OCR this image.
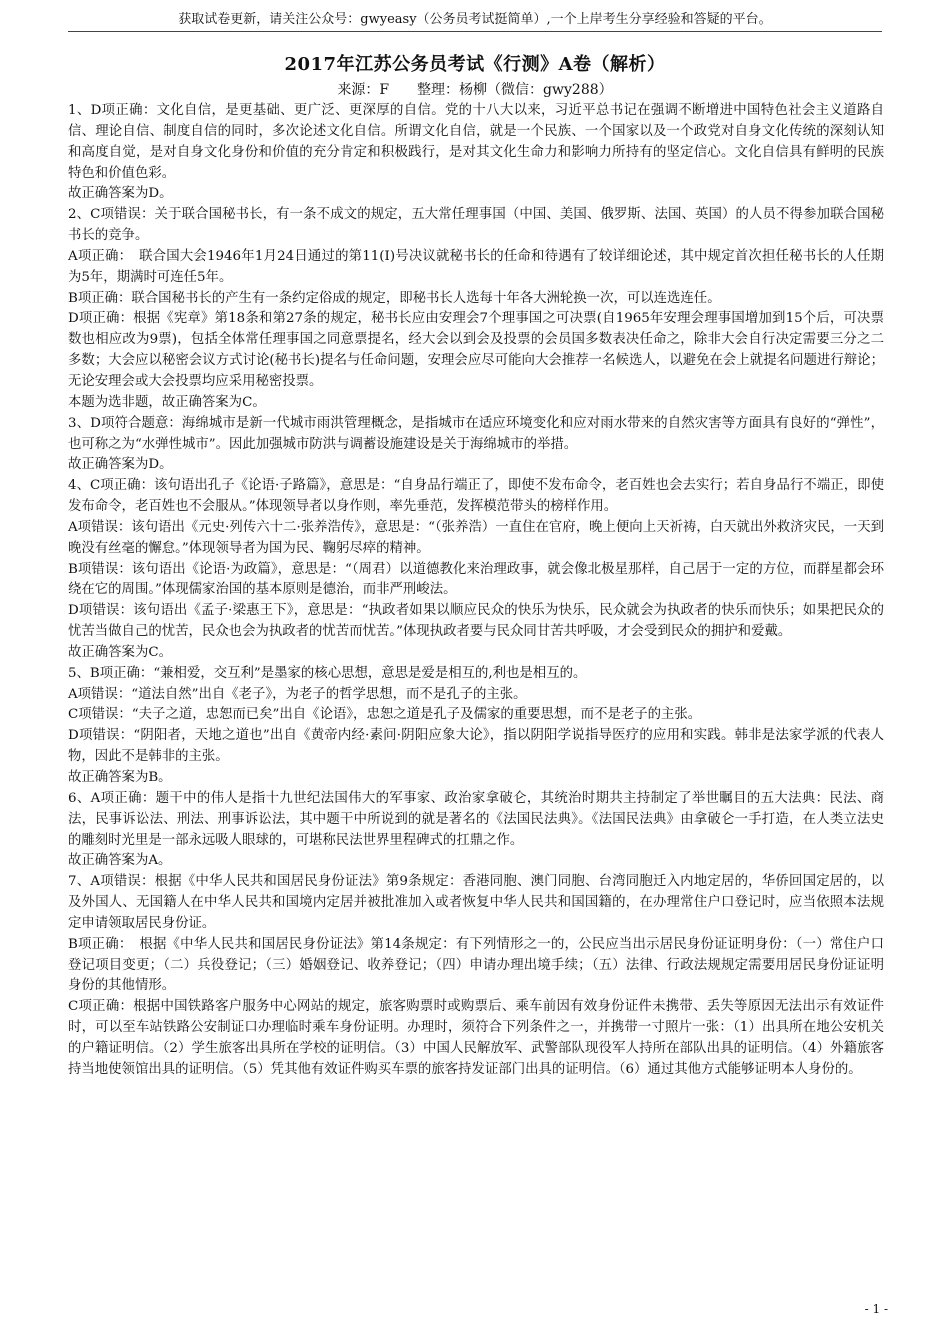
获取试卷更新，请关注公众号：gwyeasy（公务员考试挺简单）,一个上岸考生分享经验和答疑的平台。
2017年江苏公务员考试《行测》A卷（解析）
来源：F　　整理：杨柳（微信：gwy288）

1、D项正确：文化自信，是更基础、更广泛、更深厚的自信。党的十八大以来，习近平总书记在强调不断增进中国特色社会主义道路自信、理论自信、制度自信的同时，多次论述文化自信。所谓文化自信，就是一个民族、一个国家以及一个政党对自身文化传统的深刻认知和高度自觉，是对自身文化身份和价值的充分肯定和积极践行，是对其文化生命力和影响力所持有的坚定信心。文化自信具有鲜明的民族特色和价值色彩。

故正确答案为D。

2、C项错误：关于联合国秘书长，有一条不成文的规定，五大常任理事国（中国、美国、俄罗斯、法国、英国）的人员不得参加联合国秘书长的竞争。

A项正确：　联合国大会1946年1月24日通过的第11(I)号决议就秘书长的任命和待遇有了较详细论述，其中规定首次担任秘书长的人任期为5年，期满时可连任5年。

B项正确：联合国秘书长的产生有一条约定俗成的规定，即秘书长人选每十年各大洲轮换一次，可以连选连任。

D项正确：根据《宪章》第18条和第27条的规定，秘书长应由安理会7个理事国之可决票(自1965年安理会理事国增加到15个后，可决票数也相应改为9票)，包括全体常任理事国之同意票提名，经大会以到会及投票的会员国多数表决任命之，除非大会自行决定需要三分之二多数；大会应以秘密会议方式讨论(秘书长)提名与任命问题，安理会应尽可能向大会推荐一名候选人，以避免在会上就提名问题进行辩论；无论安理会或大会投票均应采用秘密投票。

本题为选非题，故正确答案为C。

3、D项符合题意：海绵城市是新一代城市雨洪管理概念，是指城市在适应环境变化和应对雨水带来的自然灾害等方面具有良好的“弹性”，也可称之为“水弹性城市”。因此加强城市防洪与调蓄设施建设是关于海绵城市的举措。

故正确答案为D。

4、C项正确：该句语出孔子《论语·子路篇》，意思是：“自身品行端正了，即使不发布命令，老百姓也会去实行；若自身品行不端正，即使发布命令，老百姓也不会服从。”体现领导者以身作则，率先垂范，发挥模范带头的榜样作用。

A项错误：该句语出《元史·列传六十二·张养浩传》，意思是：“（张养浩）一直住在官府，晚上便向上天祈祷，白天就出外救济灾民，一天到晚没有丝毫的懈怠。”体现领导者为国为民、鞠躬尽瘁的精神。

B项错误：该句语出《论语·为政篇》，意思是：“（周君）以道德教化来治理政事，就会像北极星那样，自己居于一定的方位，而群星都会环绕在它的周围。”体现儒家治国的基本原则是德治，而非严刑峻法。

D项错误：该句语出《孟子·梁惠王下》，意思是：“执政者如果以顺应民众的快乐为快乐，民众就会为执政者的快乐而快乐；如果把民众的忧苦当做自己的忧苦，民众也会为执政者的忧苦而忧苦。”体现执政者要与民众同甘苦共呼吸，才会受到民众的拥护和爱戴。

故正确答案为C。

5、B项正确：“兼相爱，交互利”是墨家的核心思想，意思是爱是相互的,利也是相互的。

A项错误：“道法自然”出自《老子》，为老子的哲学思想，而不是孔子的主张。

C项错误：“夫子之道，忠恕而已矣”出自《论语》，忠恕之道是孔子及儒家的重要思想，而不是老子的主张。

D项错误：“阴阳者，天地之道也”出自《黄帝内经·素问·阴阳应象大论》，指以阴阳学说指导医疗的应用和实践。韩非是法家学派的代表人物，因此不是韩非的主张。

故正确答案为B。

6、A项正确：题干中的伟人是指十九世纪法国伟大的军事家、政治家拿破仑，其统治时期共主持制定了举世瞩目的五大法典：民法、商法，民事诉讼法、刑法、刑事诉讼法，其中题干中所说到的就是著名的《法国民法典》。《法国民法典》由拿破仑一手打造，在人类立法史的雕刻时光里是一部永远吸人眼球的，可堪称民法世界里程碑式的扛鼎之作。

故正确答案为A。

7、A项错误：根据《中华人民共和国居民身份证法》第9条规定：香港同胞、澳门同胞、台湾同胞迁入内地定居的，华侨回国定居的，以及外国人、无国籍人在中华人民共和国境内定居并被批准加入或者恢复中华人民共和国国籍的，在办理常住户口登记时，应当依照本法规定申请领取居民身份证。

B项正确：　根据《中华人民共和国居民身份证法》第14条规定：有下列情形之一的，公民应当出示居民身份证证明身份：（一）常住户口登记项目变更；（二）兵役登记；（三）婚姻登记、收养登记；（四）申请办理出境手续；（五）法律、行政法规规定需要用居民身份证证明身份的其他情形。

C项正确：根据中国铁路客户服务中心网站的规定，旅客购票时或购票后、乘车前因有效身份证件未携带、丢失等原因无法出示有效证件时，可以至车站铁路公安制证口办理临时乘车身份证明。办理时，须符合下列条件之一，并携带一寸照片一张：（1）出具所在地公安机关的户籍证明信。（2）学生旅客出具所在学校的证明信。（3）中国人民解放军、武警部队现役军人持所在部队出具的证明信。（4）外籍旅客持当地使领馆出具的证明信。（5）凭其他有效证件购买车票的旅客持发证部门出具的证明信。（6）通过其他方式能够证明本人身份的。

- 1 -
